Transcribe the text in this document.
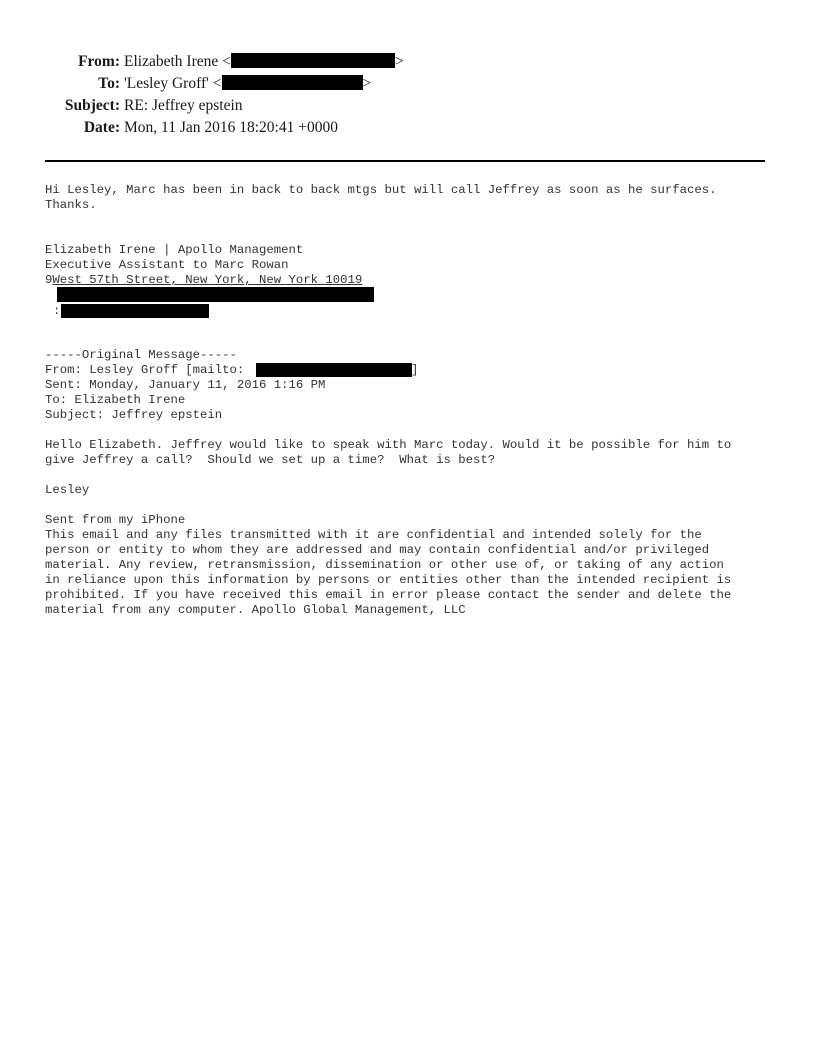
From: Elizabeth Irene <	>
To: 'Lesley Groff' <	>
Subject: RE: Jeffrey epstein
Date: Mon, 11 Jan 2016 18:20:41 +0000
Hi Lesley, Marc has been in back to back mtgs but will call Jeffrey as soon as he surfaces.
Thanks.
Elizabeth Irene | Apollo Management
Executive Assistant to Marc Rowan
9West 57th Street, New York, New York 10019
:
-----Original Message-----
From: Lesley Groff [mailto:	]
Sent: Monday, January 11, 2016 1:16 PM
To: Elizabeth Irene
Subject: Jeffrey epstein
Hello Elizabeth. Jeffrey would like to speak with Marc today. Would it be possible for him to
give Jeffrey a call?  Should we set up a time?  What is best?
Lesley
Sent from my iPhone
This email and any files transmitted with it are confidential and intended solely for the
person or entity to whom they are addressed and may contain confidential and/or privileged
material. Any review, retransmission, dissemination or other use of, or taking of any action
in reliance upon this information by persons or entities other than the intended recipient is
prohibited. If you have received this email in error please contact the sender and delete the
material from any computer. Apollo Global Management, LLC
